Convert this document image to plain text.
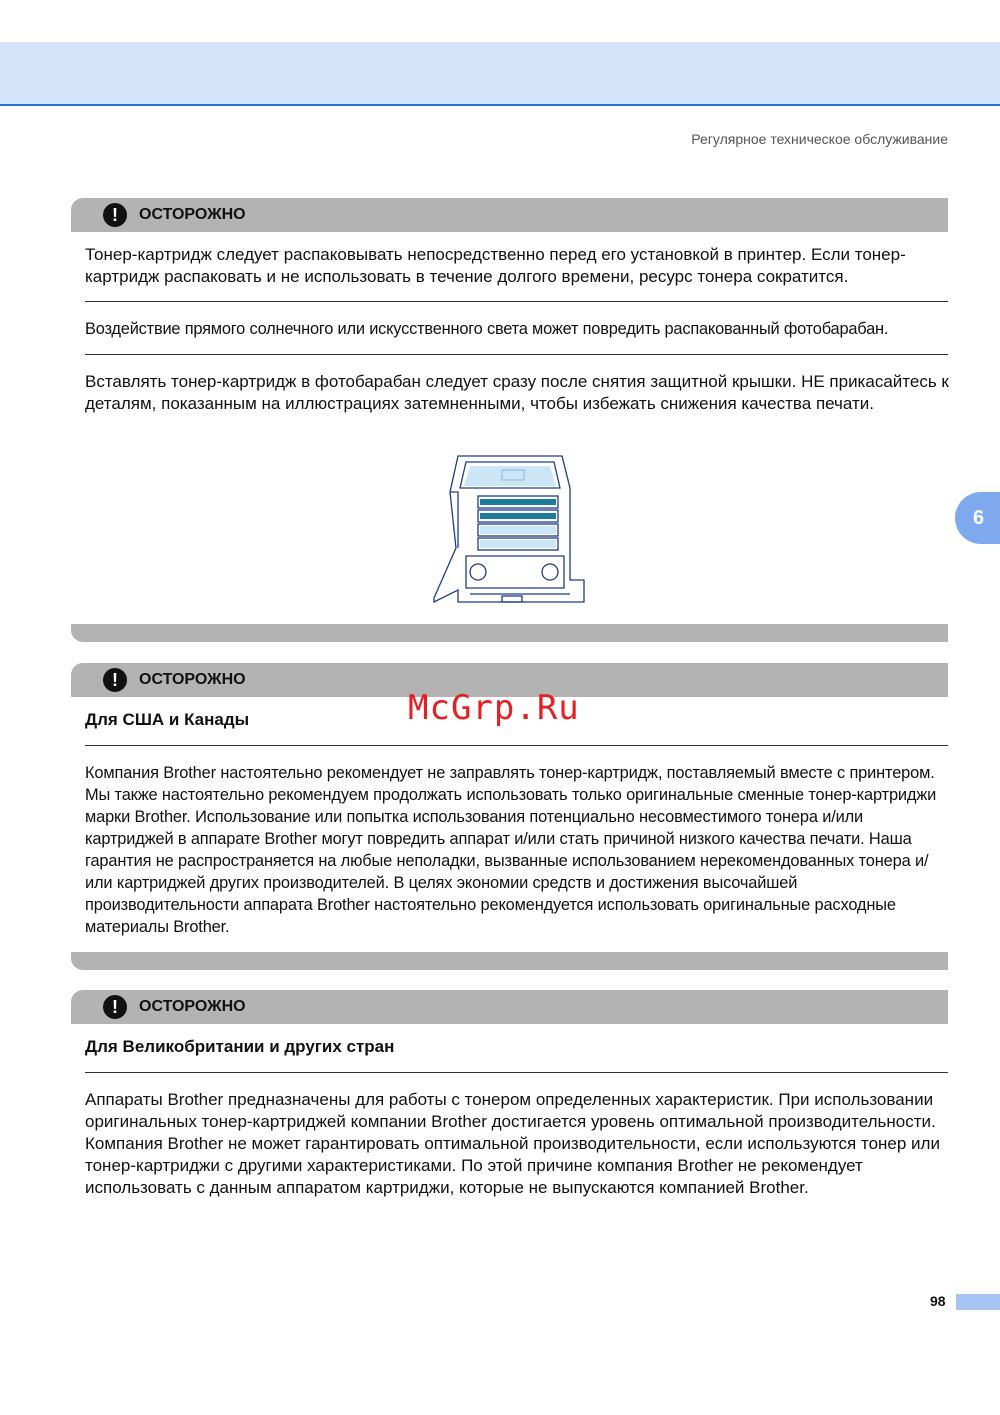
Регулярное техническое обслуживание
6
!	ОСТОРОЖНО
Тонер-картридж следует распаковывать непосредственно перед его установкой в принтер. Если тонер-картридж распаковать и не использовать в течение долгого времени, ресурс тонера сократится.
Воздействие прямого солнечного или искусственного света может повредить распакованный фотобарабан.
Вставлять тонер-картридж в фотобарабан следует сразу после снятия защитной крышки. НЕ прикасайтесь к деталям, показанным на иллюстрациях затемненными, чтобы избежать снижения качества печати.
!	ОСТОРОЖНО
Для США и Канады
Компания Brother настоятельно рекомендует не заправлять тонер-картридж, поставляемый вместе с принтером. Мы также настоятельно рекомендуем продолжать использовать только оригинальные сменные тонер-картриджи марки Brother. Использование или попытка использования потенциально несовместимого тонера и/или картриджей в аппарате Brother могут повредить аппарат и/или стать причиной низкого качества печати. Наша гарантия не распространяется на любые неполадки, вызванные использованием нерекомендованных тонера и/или картриджей других производителей. В целях экономии средств и достижения высочайшей производительности аппарата Brother настоятельно рекомендуется использовать оригинальные расходные материалы Brother.
!	ОСТОРОЖНО
Для Великобритании и других стран
Аппараты Brother предназначены для работы с тонером определенных характеристик. При использовании оригинальных тонер-картриджей компании Brother достигается уровень оптимальной производительности. Компания Brother не может гарантировать оптимальной производительности, если используются тонер или тонер-картриджи с другими характеристиками. По этой причине компания Brother не рекомендует использовать с данным аппаратом картриджи, которые не выпускаются компанией Brother.
McGrp.Ru
98
